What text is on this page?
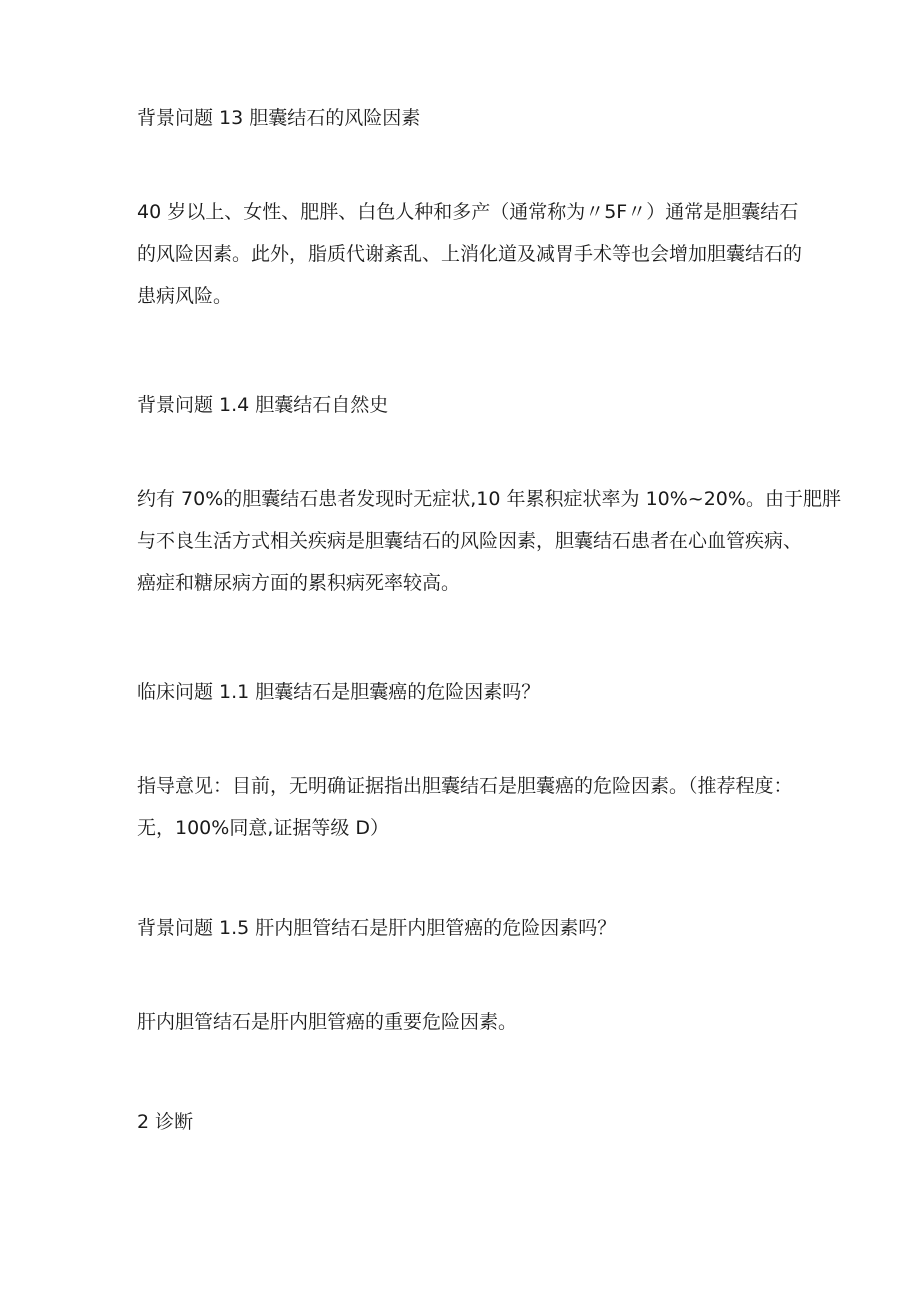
背景问题 13 胆囊结石的风险因素

40 岁以上、女性、肥胖、白色人种和多产（通常称为〃5F〃）通常是胆囊结石
的风险因素。此外，脂质代谢紊乱、上消化道及减胃手术等也会增加胆囊结石的
患病风险。

背景问题 1.4 胆囊结石自然史

约有 70%的胆囊结石患者发现时无症状,10 年累积症状率为 10%~20%。由于肥胖
与不良生活方式相关疾病是胆囊结石的风险因素，胆囊结石患者在心血管疾病、
癌症和糖尿病方面的累积病死率较高。

临床问题 1.1 胆囊结石是胆囊癌的危险因素吗？

指导意见：目前，无明确证据指出胆囊结石是胆囊癌的危险因素。（推荐程度：
无，100%同意,证据等级 D）

背景问题 1.5 肝内胆管结石是肝内胆管癌的危险因素吗？

肝内胆管结石是肝内胆管癌的重要危险因素。

2 诊断
